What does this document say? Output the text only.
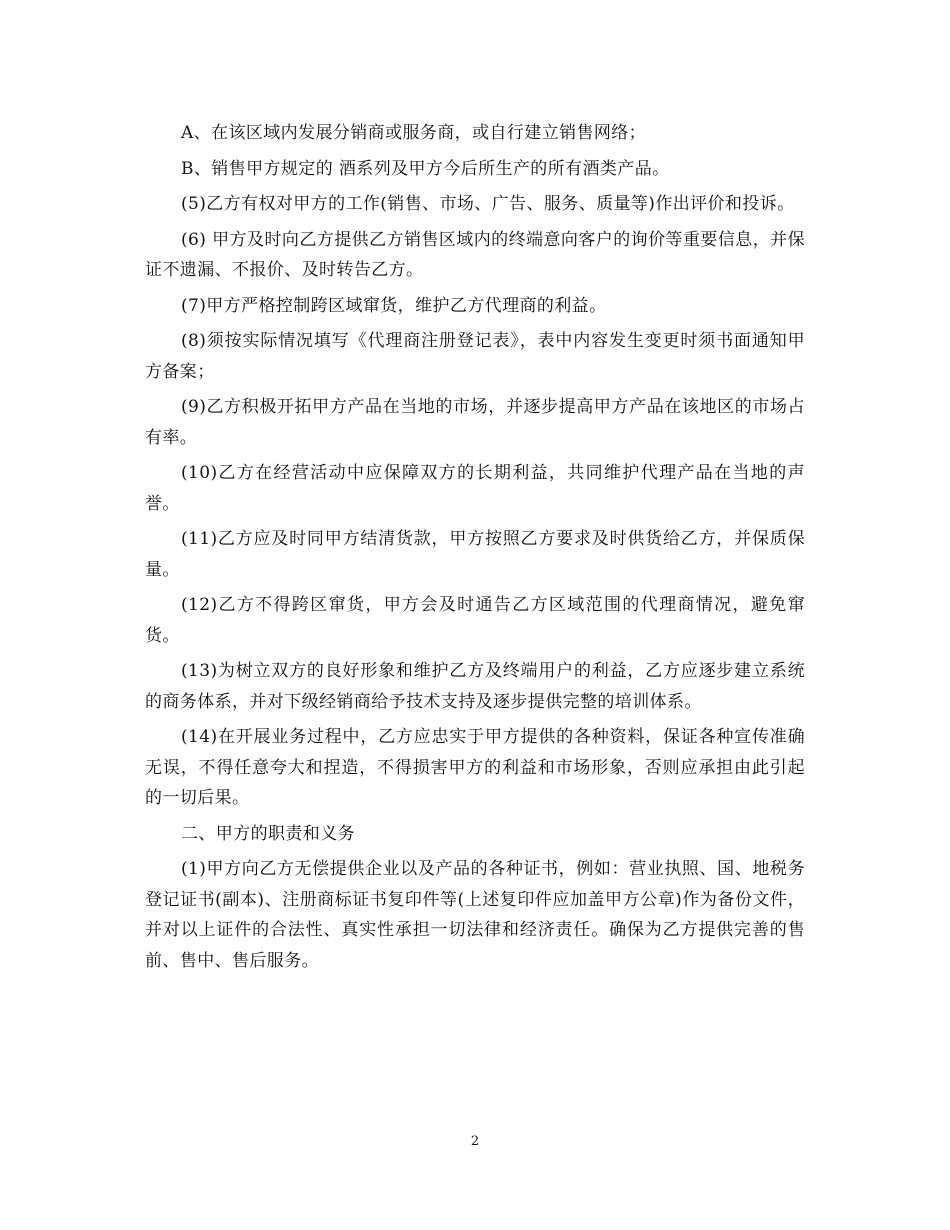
A、在该区域内发展分销商或服务商，或自行建立销售网络；

B、销售甲方规定的 酒系列及甲方今后所生产的所有酒类产品。

(5)乙方有权对甲方的工作(销售、市场、广告、服务、质量等)作出评价和投诉。

(6) 甲方及时向乙方提供乙方销售区域内的终端意向客户的询价等重要信息，并保证不遗漏、不报价、及时转告乙方。

(7)甲方严格控制跨区域窜货，维护乙方代理商的利益。

(8)须按实际情况填写《代理商注册登记表》，表中内容发生变更时须书面通知甲方备案；

(9)乙方积极开拓甲方产品在当地的市场，并逐步提高甲方产品在该地区的市场占有率。

(10)乙方在经营活动中应保障双方的长期利益，共同维护代理产品在当地的声誉。

(11)乙方应及时同甲方结清货款，甲方按照乙方要求及时供货给乙方，并保质保量。

(12)乙方不得跨区窜货，甲方会及时通告乙方区域范围的代理商情况，避免窜货。

(13)为树立双方的良好形象和维护乙方及终端用户的利益，乙方应逐步建立系统的商务体系，并对下级经销商给予技术支持及逐步提供完整的培训体系。

(14)在开展业务过程中，乙方应忠实于甲方提供的各种资料，保证各种宣传准确无误，不得任意夸大和捏造，不得损害甲方的利益和市场形象，否则应承担由此引起的一切后果。

二、甲方的职责和义务

(1)甲方向乙方无偿提供企业以及产品的各种证书，例如：营业执照、国、地税务登记证书(副本)、注册商标证书复印件等(上述复印件应加盖甲方公章)作为备份文件，并对以上证件的合法性、真实性承担一切法律和经济责任。确保为乙方提供完善的售前、售中、售后服务。

2
